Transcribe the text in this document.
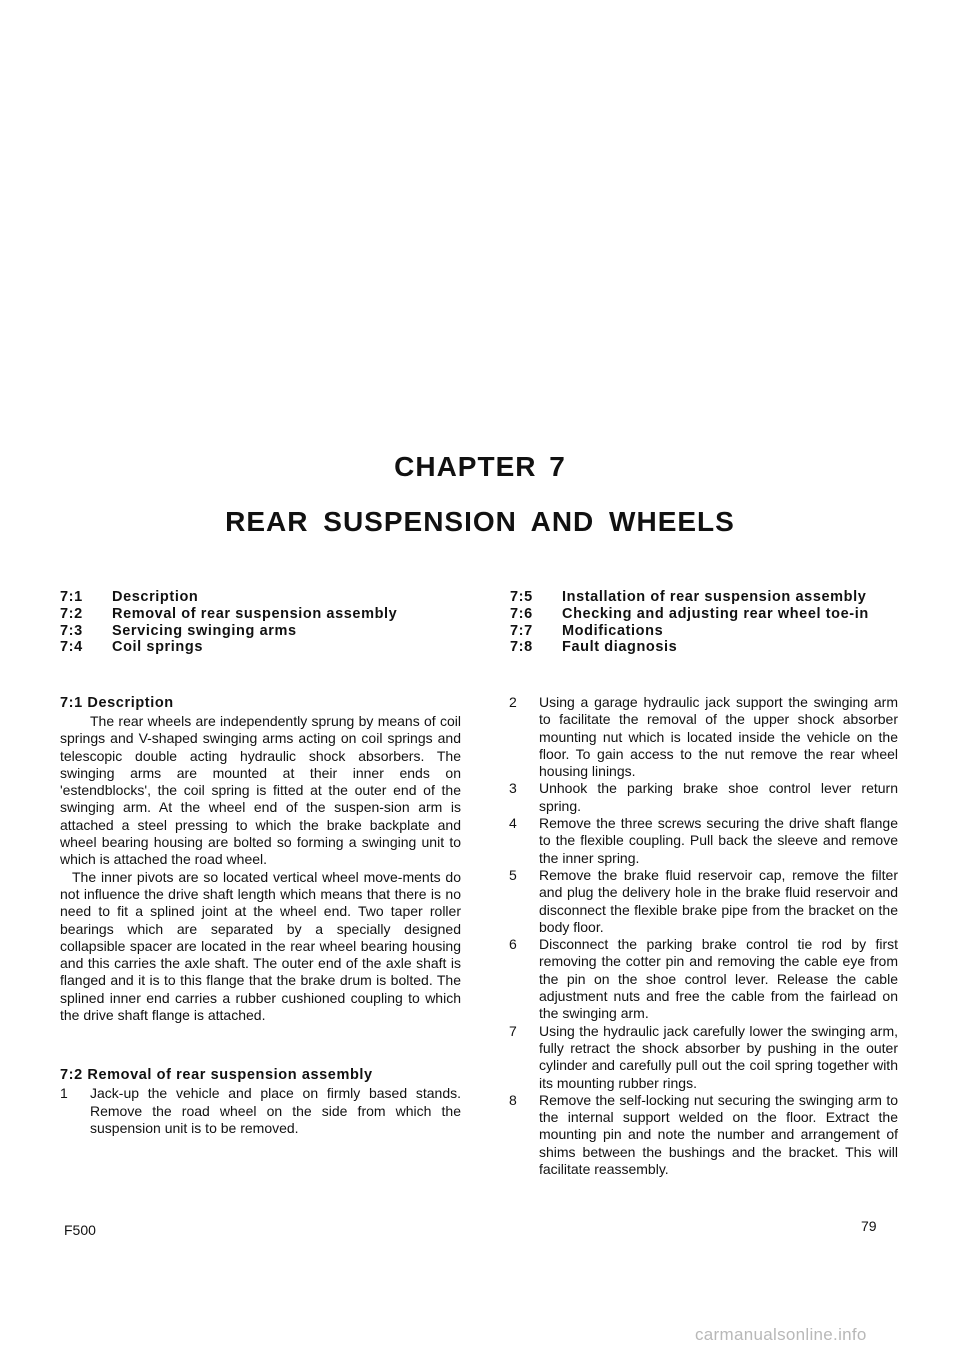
CHAPTER 7
REAR SUSPENSION AND WHEELS
7:1 Description
7:2 Removal of rear suspension assembly
7:3 Servicing swinging arms
7:4 Coil springs
7:5 Installation of rear suspension assembly
7:6 Checking and adjusting rear wheel toe-in
7:7 Modifications
7:8 Fault diagnosis
7:1 Description

The rear wheels are independently sprung by means of coil springs and V-shaped swinging arms acting on coil springs and telescopic double acting hydraulic shock absorbers. The swinging arms are mounted at their inner ends on 'estendblocks', the coil spring is fitted at the outer end of the swinging arm. At the wheel end of the suspen-sion arm is attached a steel pressing to which the brake backplate and wheel bearing housing are bolted so forming a swinging unit to which is attached the road wheel.

The inner pivots are so located vertical wheel move-ments do not influence the drive shaft length which means that there is no need to fit a splined joint at the wheel end. Two taper roller bearings which are separated by a specially designed collapsible spacer are located in the rear wheel bearing housing and this carries the axle shaft. The outer end of the axle shaft is flanged and it is to this flange that the brake drum is bolted. The splined inner end carries a rubber cushioned coupling to which the drive shaft flange is attached.

7:2 Removal of rear suspension assembly
1 Jack-up the vehicle and place on firmly based stands. Remove the road wheel on the side from which the suspension unit is to be removed.
2 Using a garage hydraulic jack support the swinging arm to facilitate the removal of the upper shock absorber mounting nut which is located inside the vehicle on the floor. To gain access to the nut remove the rear wheel housing linings.
3 Unhook the parking brake shoe control lever return spring.
4 Remove the three screws securing the drive shaft flange to the flexible coupling. Pull back the sleeve and remove the inner spring.
5 Remove the brake fluid reservoir cap, remove the filter and plug the delivery hole in the brake fluid reservoir and disconnect the flexible brake pipe from the bracket on the body floor.
6 Disconnect the parking brake control tie rod by first removing the cotter pin and removing the cable eye from the pin on the shoe control lever. Release the cable adjustment nuts and free the cable from the fairlead on the swinging arm.
7 Using the hydraulic jack carefully lower the swinging arm, fully retract the shock absorber by pushing in the outer cylinder and carefully pull out the coil spring together with its mounting rubber rings.
8 Remove the self-locking nut securing the swinging arm to the internal support welded on the floor. Extract the mounting pin and note the number and arrangement of shims between the bushings and the bracket. This will facilitate reassembly.
F500	79
carmanualsonline.info
